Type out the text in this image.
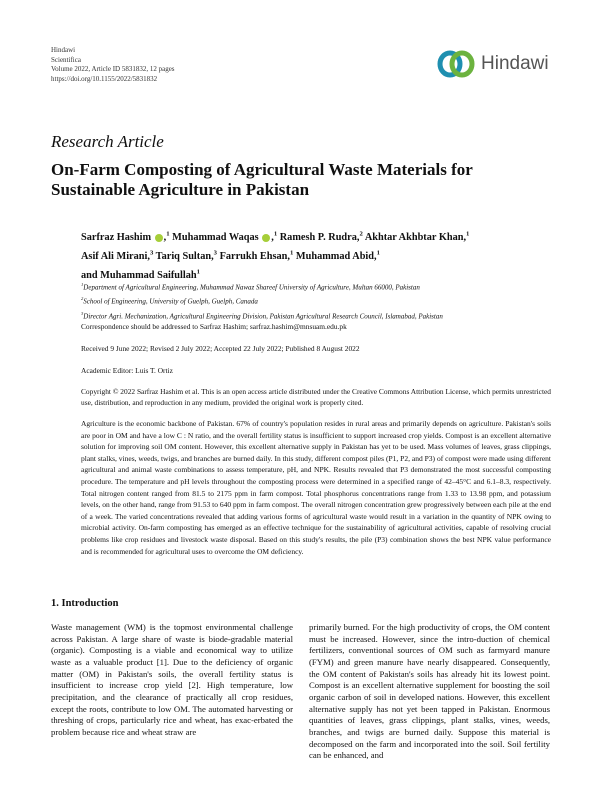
Hindawi
Scientifica
Volume 2022, Article ID 5831832, 12 pages
https://doi.org/10.1155/2022/5831832
Hindawi
Research Article
On-Farm Composting of Agricultural Waste Materials for Sustainable Agriculture in Pakistan
Sarfraz Hashim ,$^1$ Muhammad Waqas ,$^1$ Ramesh P. Rudra,$^2$ Akhtar Akhbtar Khan,$^1$
Asif Ali Mirani,$^3$ Tariq Sultan,$^3$ Farrukh Ehsan,$^1$ Muhammad Abid,$^1$
and Muhammad Saifullah$^1$
$^1$Department of Agricultural Engineering, Muhammad Nawaz Shareef University of Agriculture, Multan 66000, Pakistan
$^2$School of Engineering, University of Guelph, Guelph, Canada
$^3$Director Agri. Mechanization, Agricultural Engineering Division, Pakistan Agricultural Research Council, Islamabad, Pakistan
Correspondence should be addressed to Sarfraz Hashim; sarfraz.hashim@mnsuam.edu.pk
Received 9 June 2022; Revised 2 July 2022; Accepted 22 July 2022; Published 8 August 2022
Academic Editor: Luis T. Ortiz
Copyright © 2022 Sarfraz Hashim et al. This is an open access article distributed under the Creative Commons Attribution License, which permits unrestricted use, distribution, and reproduction in any medium, provided the original work is properly cited.
Agriculture is the economic backbone of Pakistan. 67% of country's population resides in rural areas and primarily depends on agriculture. Pakistan's soils are poor in OM and have a low C : N ratio, and the overall fertility status is insufficient to support increased crop yields. Compost is an excellent alternative solution for improving soil OM content. However, this excellent alternative supply in Pakistan has yet to be used. Mass volumes of leaves, grass clippings, plant stalks, vines, weeds, twigs, and branches are burned daily. In this study, different compost piles (P1, P2, and P3) of compost were made using different agricultural and animal waste combinations to assess temperature, pH, and NPK. Results revealed that P3 demonstrated the most successful composting procedure. The temperature and pH levels throughout the composting process were determined in a specified range of 42–45°C and 6.1–8.3, respectively. Total nitrogen content ranged from 81.5 to 2175 ppm in farm compost. Total phosphorus concentrations range from 1.33 to 13.98 ppm, and potassium levels, on the other hand, range from 91.53 to 640 ppm in farm compost. The overall nitrogen concentration grew progressively between each pile at the end of a week. The varied concentrations revealed that adding various forms of agricultural waste would result in a variation in the quantity of NPK owing to microbial activity. On-farm composting has emerged as an effective technique for the sustainability of agricultural activities, capable of resolving crucial problems like crop residues and livestock waste disposal. Based on this study's results, the pile (P3) combination shows the best NPK value performance and is recommended for agricultural uses to overcome the OM deficiency.
1. Introduction
Waste management (WM) is the topmost environmental challenge across Pakistan. A large share of waste is biode-gradable material (organic). Composting is a viable and economical way to utilize waste as a valuable product [1]. Due to the deficiency of organic matter (OM) in Pakistan's soils, the overall fertility status is insufficient to increase crop yield [2]. High temperature, low precipitation, and the clearance of practically all crop residues, except the roots, contribute to low OM. The automated harvesting or threshing of crops, particularly rice and wheat, has exac-erbated the problem because rice and wheat straw are
primarily burned. For the high productivity of crops, the OM content must be increased. However, since the intro-duction of chemical fertilizers, conventional sources of OM such as farmyard manure (FYM) and green manure have nearly disappeared. Consequently, the OM content of Pakistan's soils has already hit its lowest point. Compost is an excellent alternative supplement for boosting the soil organic carbon of soil in developed nations. However, this excellent alternative supply has not yet been tapped in Pakistan. Enormous quantities of leaves, grass clippings, plant stalks, vines, weeds, branches, and twigs are burned daily. Suppose this material is decomposed on the farm and incorporated into the soil. Soil fertility can be enhanced, and
